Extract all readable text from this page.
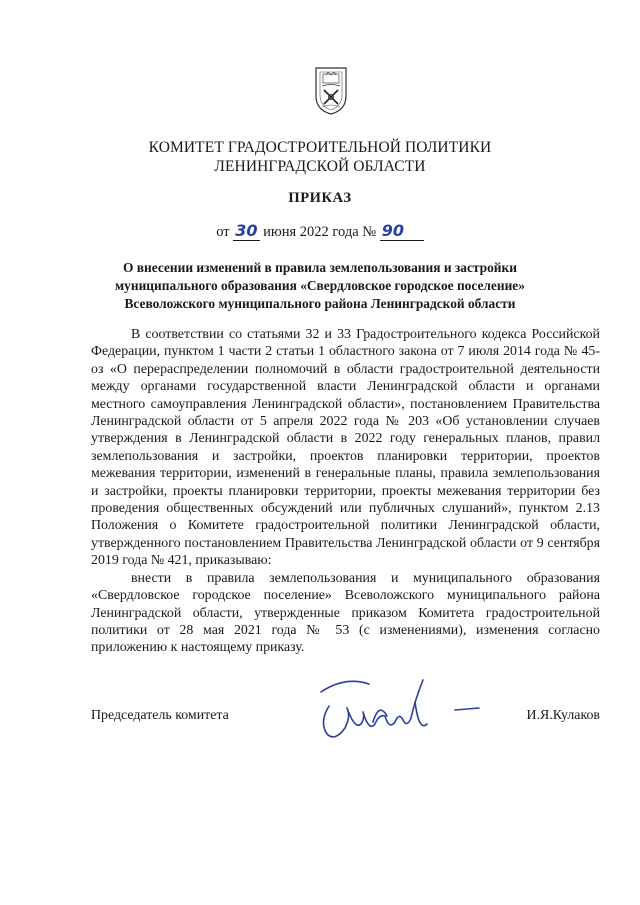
КОМИТЕТ ГРАДОСТРОИТЕЛЬНОЙ ПОЛИТИКИ
ЛЕНИНГРАДСКОЙ ОБЛАСТИ
ПРИКАЗ
от 30 июня 2022 года № 90
О внесении изменений в правила землепользования и застройки
муниципального образования «Свердловское городское поселение»
Всеволожского муниципального района Ленинградской области

В соответствии со статьями 32 и 33 Градостроительного кодекса Российской Федерации, пунктом 1 части 2 статьи 1 областного закона от 7 июля 2014 года № 45-оз «О перераспределении полномочий в области градостроительной деятельности между органами государственной власти Ленинградской области и органами местного самоуправления Ленинградской области», постановлением Правительства Ленинградской области от 5 апреля 2022 года № 203 «Об установлении случаев утверждения в Ленинградской области в 2022 году генеральных планов, правил землепользования и застройки, проектов планировки территории, проектов межевания территории, изменений в генеральные планы, правила землепользования и застройки, проекты планировки территории, проекты межевания территории без проведения общественных обсуждений или публичных слушаний», пунктом 2.13 Положения о Комитете градостроительной политики Ленинградской области, утвержденного постановлением Правительства Ленинградской области от 9 сентября 2019 года № 421, приказываю:

внести в правила землепользования и муниципального образования «Свердловское городское поселение» Всеволожского муниципального района Ленинградской области, утвержденные приказом Комитета градостроительной политики от 28 мая 2021 года № 53 (с изменениями), изменения согласно приложению к настоящему приказу.

Председатель комитета	И.Я.Кулаков
